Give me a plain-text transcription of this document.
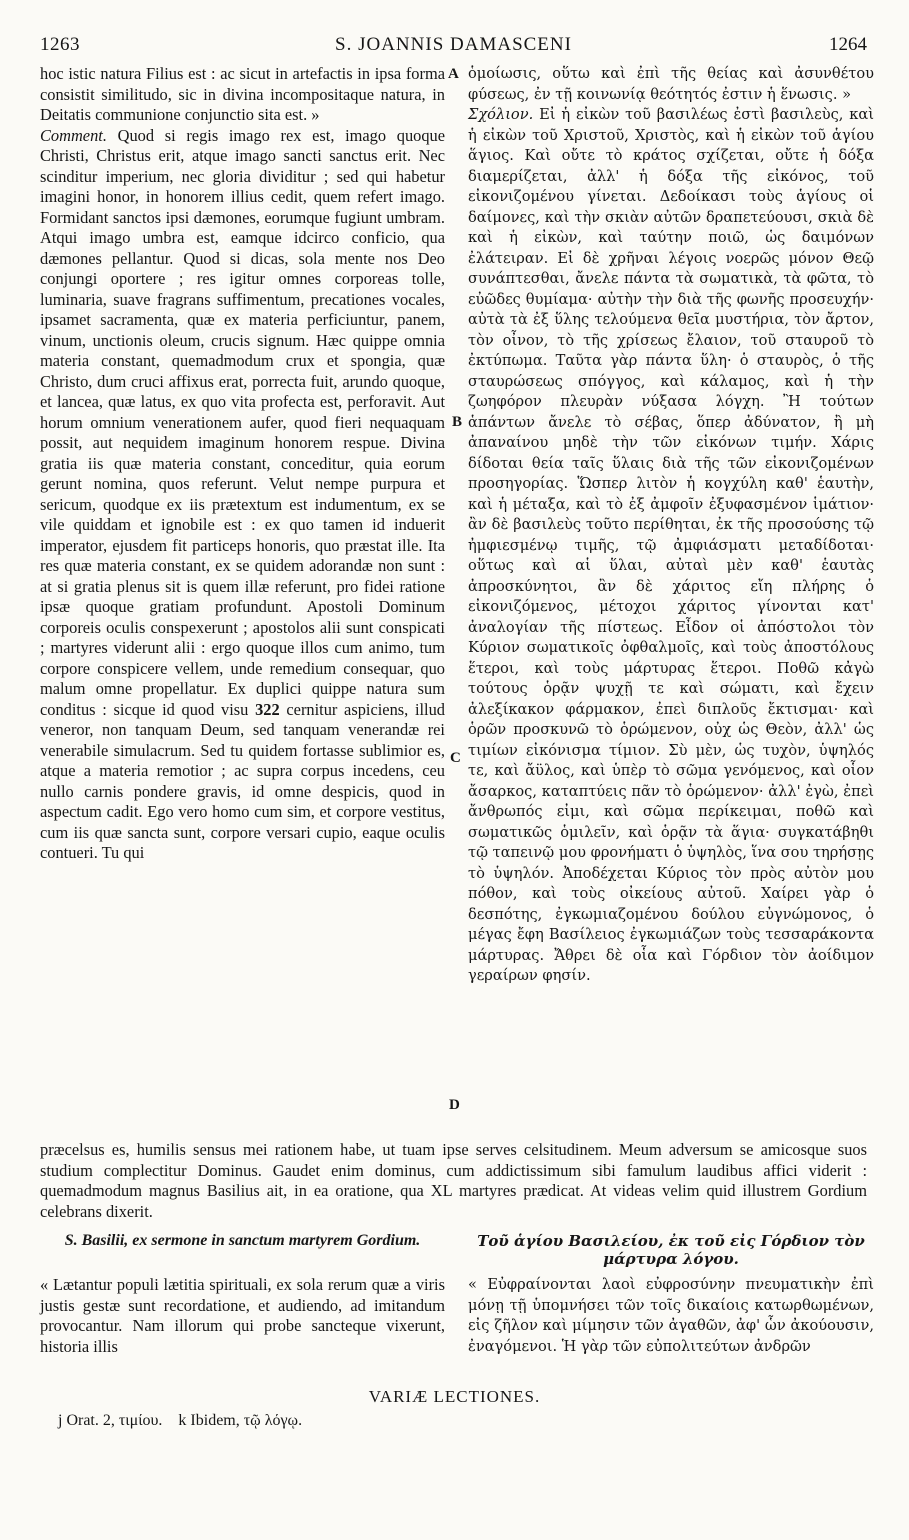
1263	S. JOANNIS DAMASCENI	1264

hoc istic natura Filius est : ac sicut in artefactis in ipsa forma consistit similitudo, sic in divina incompositaque natura, in Deitatis communione conjunctio sita est. »

Comment. Quod si regis imago rex est, imago quoque Christi, Christus erit, atque imago sancti sanctus erit. Nec scinditur imperium, nec gloria dividitur ; sed qui habetur imagini honor, in honorem illius cedit, quem refert imago. Formidant sanctos ipsi dæmones, eorumque fugiunt umbram. Atqui imago umbra est, eamque idcirco conficio, qua dæmones pellantur. Quod si dicas, sola mente nos Deo conjungi oportere ; res igitur omnes corporeas tolle, luminaria, suave fragrans suffimentum, precationes vocales, ipsamet sacramenta, quæ ex materia perficiuntur, panem, vinum, unctionis oleum, crucis signum. Hæc quippe omnia materia constant, quemadmodum crux et spongia, quæ Christo, dum cruci affixus erat, porrecta fuit, arundo quoque, et lancea, quæ latus, ex quo vita profecta est, perforavit. Aut horum omnium venerationem aufer, quod fieri nequaquam possit, aut nequidem imaginum honorem respue. Divina gratia iis quæ materia constant, conceditur, quia eorum gerunt nomina, quos referunt. Velut nempe purpura et sericum, quodque ex iis prætextum est indumentum, ex se vile quiddam et ignobile est : ex quo tamen id induerit imperator, ejusdem fit particeps honoris, quo præstat ille. Ita res quæ materia constant, ex se quidem adorandæ non sunt : at si gratia plenus sit is quem illæ referunt, pro fidei ratione ipsæ quoque gratiam profundunt. Apostoli Dominum corporeis oculis conspexerunt ; apostolos alii sunt conspicati ; martyres viderunt alii : ergo quoque illos cum animo, tum corpore conspicere vellem, unde remedium consequar, quo malum omne propellatur. Ex duplici quippe natura sum conditus : sicque id quod visu 322 cernitur aspiciens, illud veneror, non tanquam Deum, sed tanquam venerandæ rei venerabile simulacrum. Sed tu quidem fortasse sublimior es, atque a materia remotior ; ac supra corpus incedens, ceu nullo carnis pondere gravis, id omne despicis, quod in aspectum cadit. Ego vero homo cum sim, et corpore vestitus, cum iis quæ sancta sunt, corpore versari cupio, eaque oculis contueri. Tu qui

A
B
C
D

ὁμοίωσις, οὕτω καὶ ἐπὶ τῆς θείας καὶ ἀσυνθέτου φύσεως, ἐν τῇ κοινωνίᾳ θεότητός ἐστιν ἡ ἕνωσις. »

Σχόλιον. Εἰ ἡ εἰκὼν τοῦ βασιλέως ἐστὶ βασιλεὺς, καὶ ἡ εἰκὼν τοῦ Χριστοῦ, Χριστὸς, καὶ ἡ εἰκὼν τοῦ ἁγίου ἅγιος. Καὶ οὔτε τὸ κράτος σχίζεται, οὔτε ἡ δόξα διαμερίζεται, ἀλλ' ἡ δόξα τῆς εἰκόνος, τοῦ εἰκονιζομένου γίνεται. Δεδοίκασι τοὺς ἁγίους οἱ δαίμονες, καὶ τὴν σκιὰν αὐτῶν δραπετεύουσι, σκιὰ δὲ καὶ ἡ εἰκὼν, καὶ ταύτην ποιῶ, ὡς δαιμόνων ἐλάτειραν. Εἰ δὲ χρῆναι λέγοις νοερῶς μόνον Θεῷ συνάπτεσθαι, ἄνελε πάντα τὰ σωματικὰ, τὰ φῶτα, τὸ εὐῶδες θυμίαμα· αὐτὴν τὴν διὰ τῆς φωνῆς προσευχήν· αὐτὰ τὰ ἐξ ὕλης τελούμενα θεῖα μυστήρια, τὸν ἄρτον, τὸν οἶνον, τὸ τῆς χρίσεως ἔλαιον, τοῦ σταυροῦ τὸ ἐκτύπωμα. Ταῦτα γὰρ πάντα ὕλη· ὁ σταυρὸς, ὁ τῆς σταυρώσεως σπόγγος, καὶ κάλαμος, καὶ ἡ τὴν ζωηφόρον πλευρὰν νύξασα λόγχη. Ἢ τούτων ἁπάντων ἄνελε τὸ σέβας, ὅπερ ἀδύνατον, ἢ μὴ ἀπαναίνου μηδὲ τὴν τῶν εἰκόνων τιμήν. Χάρις δίδοται θεία ταῖς ὕλαις διὰ τῆς τῶν εἰκονιζομένων προσηγορίας. Ὥσπερ λιτὸν ἡ κογχύλη καθ' ἑαυτὴν, καὶ ἡ μέταξα, καὶ τὸ ἐξ ἀμφοῖν ἐξυφασμένον ἱμάτιον· ἂν δὲ βασιλεὺς τοῦτο περίθηται, ἐκ τῆς προσούσης τῷ ἠμφιεσμένῳ τιμῆς, τῷ ἀμφιάσματι μεταδίδοται· οὕτως καὶ αἱ ὕλαι, αὐταὶ μὲν καθ' ἑαυτὰς ἀπροσκύνητοι, ἂν δὲ χάριτος εἴη πλήρης ὁ εἰκονιζόμενος, μέτοχοι χάριτος γίνονται κατ' ἀναλογίαν τῆς πίστεως. Εἶδον οἱ ἀπόστολοι τὸν Κύριον σωματικοῖς ὀφθαλμοῖς, καὶ τοὺς ἀποστόλους ἕτεροι, καὶ τοὺς μάρτυρας ἕτεροι. Ποθῶ κἀγὼ τούτους ὁρᾷν ψυχῇ τε καὶ σώματι, καὶ ἔχειν ἀλεξίκακον φάρμακον, ἐπεὶ διπλοῦς ἔκτισμαι· καὶ ὁρῶν προσκυνῶ τὸ ὁρώμενον, οὐχ ὡς Θεὸν, ἀλλ' ὡς τιμίων εἰκόνισμα τίμιον. Σὺ μὲν, ὡς τυχὸν, ὑψηλός τε, καὶ ἄϋλος, καὶ ὑπὲρ τὸ σῶμα γενόμενος, καὶ οἷον ἄσαρκος, καταπτύεις πᾶν τὸ ὁρώμενον· ἀλλ' ἐγὼ, ἐπεὶ ἄνθρωπός εἰμι, καὶ σῶμα περίκειμαι, ποθῶ καὶ σωματικῶς ὁμιλεῖν, καὶ ὁρᾷν τὰ ἅγια· συγκατάβηθι τῷ ταπεινῷ μου φρονήματι ὁ ὑψηλὸς, ἵνα σου τηρήσῃς τὸ ὑψηλόν. Ἀποδέχεται Κύριος τὸν πρὸς αὐτὸν μου πόθον, καὶ τοὺς οἰκείους αὐτοῦ. Χαίρει γὰρ ὁ δεσπότης, ἐγκωμιαζομένου δούλου εὐγνώμονος, ὁ μέγας ἔφη Βασίλειος ἐγκωμιάζων τοὺς τεσσαράκοντα μάρτυρας. Ἄθρει δὲ οἷα καὶ Γόρδιον τὸν ἀοίδιμον γεραίρων φησίν.

præcelsus es, humilis sensus mei rationem habe, ut tuam ipse serves celsitudinem. Meum adversum se amicosque suos studium complectitur Dominus. Gaudet enim dominus, cum addictissimum sibi famulum laudibus affici viderit : quemadmodum magnus Basilius ait, in ea oratione, qua XL martyres prædicat. At videas velim quid illustrem Gordium celebrans dixerit.
S. Basilii, ex sermone in sanctum martyrem Gordium.	Τοῦ ἁγίου Βασιλείου, ἐκ τοῦ εἰς Γόρδιον τὸν μάρτυρα λόγου.

« Lætantur populi lætitia spirituali, ex sola rerum quæ a viris justis gestæ sunt recordatione, et audiendo, ad imitandum provocantur. Nam illorum qui probe sancteque vixerunt, historia illis

« Εὐφραίνονται λαοὶ εὐφροσύνην πνευματικὴν ἐπὶ μόνῃ τῇ ὑπομνήσει τῶν τοῖς δικαίοις κατωρθωμένων, εἰς ζῆλον καὶ μίμησιν τῶν ἀγαθῶν, ἀφ' ὧν ἀκούουσιν, ἐναγόμενοι. Ἡ γὰρ τῶν εὐπολιτεύτων ἀνδρῶν

VARIÆ LECTIONES.
j Orat. 2, τιμίου. k Ibidem, τῷ λόγῳ.
